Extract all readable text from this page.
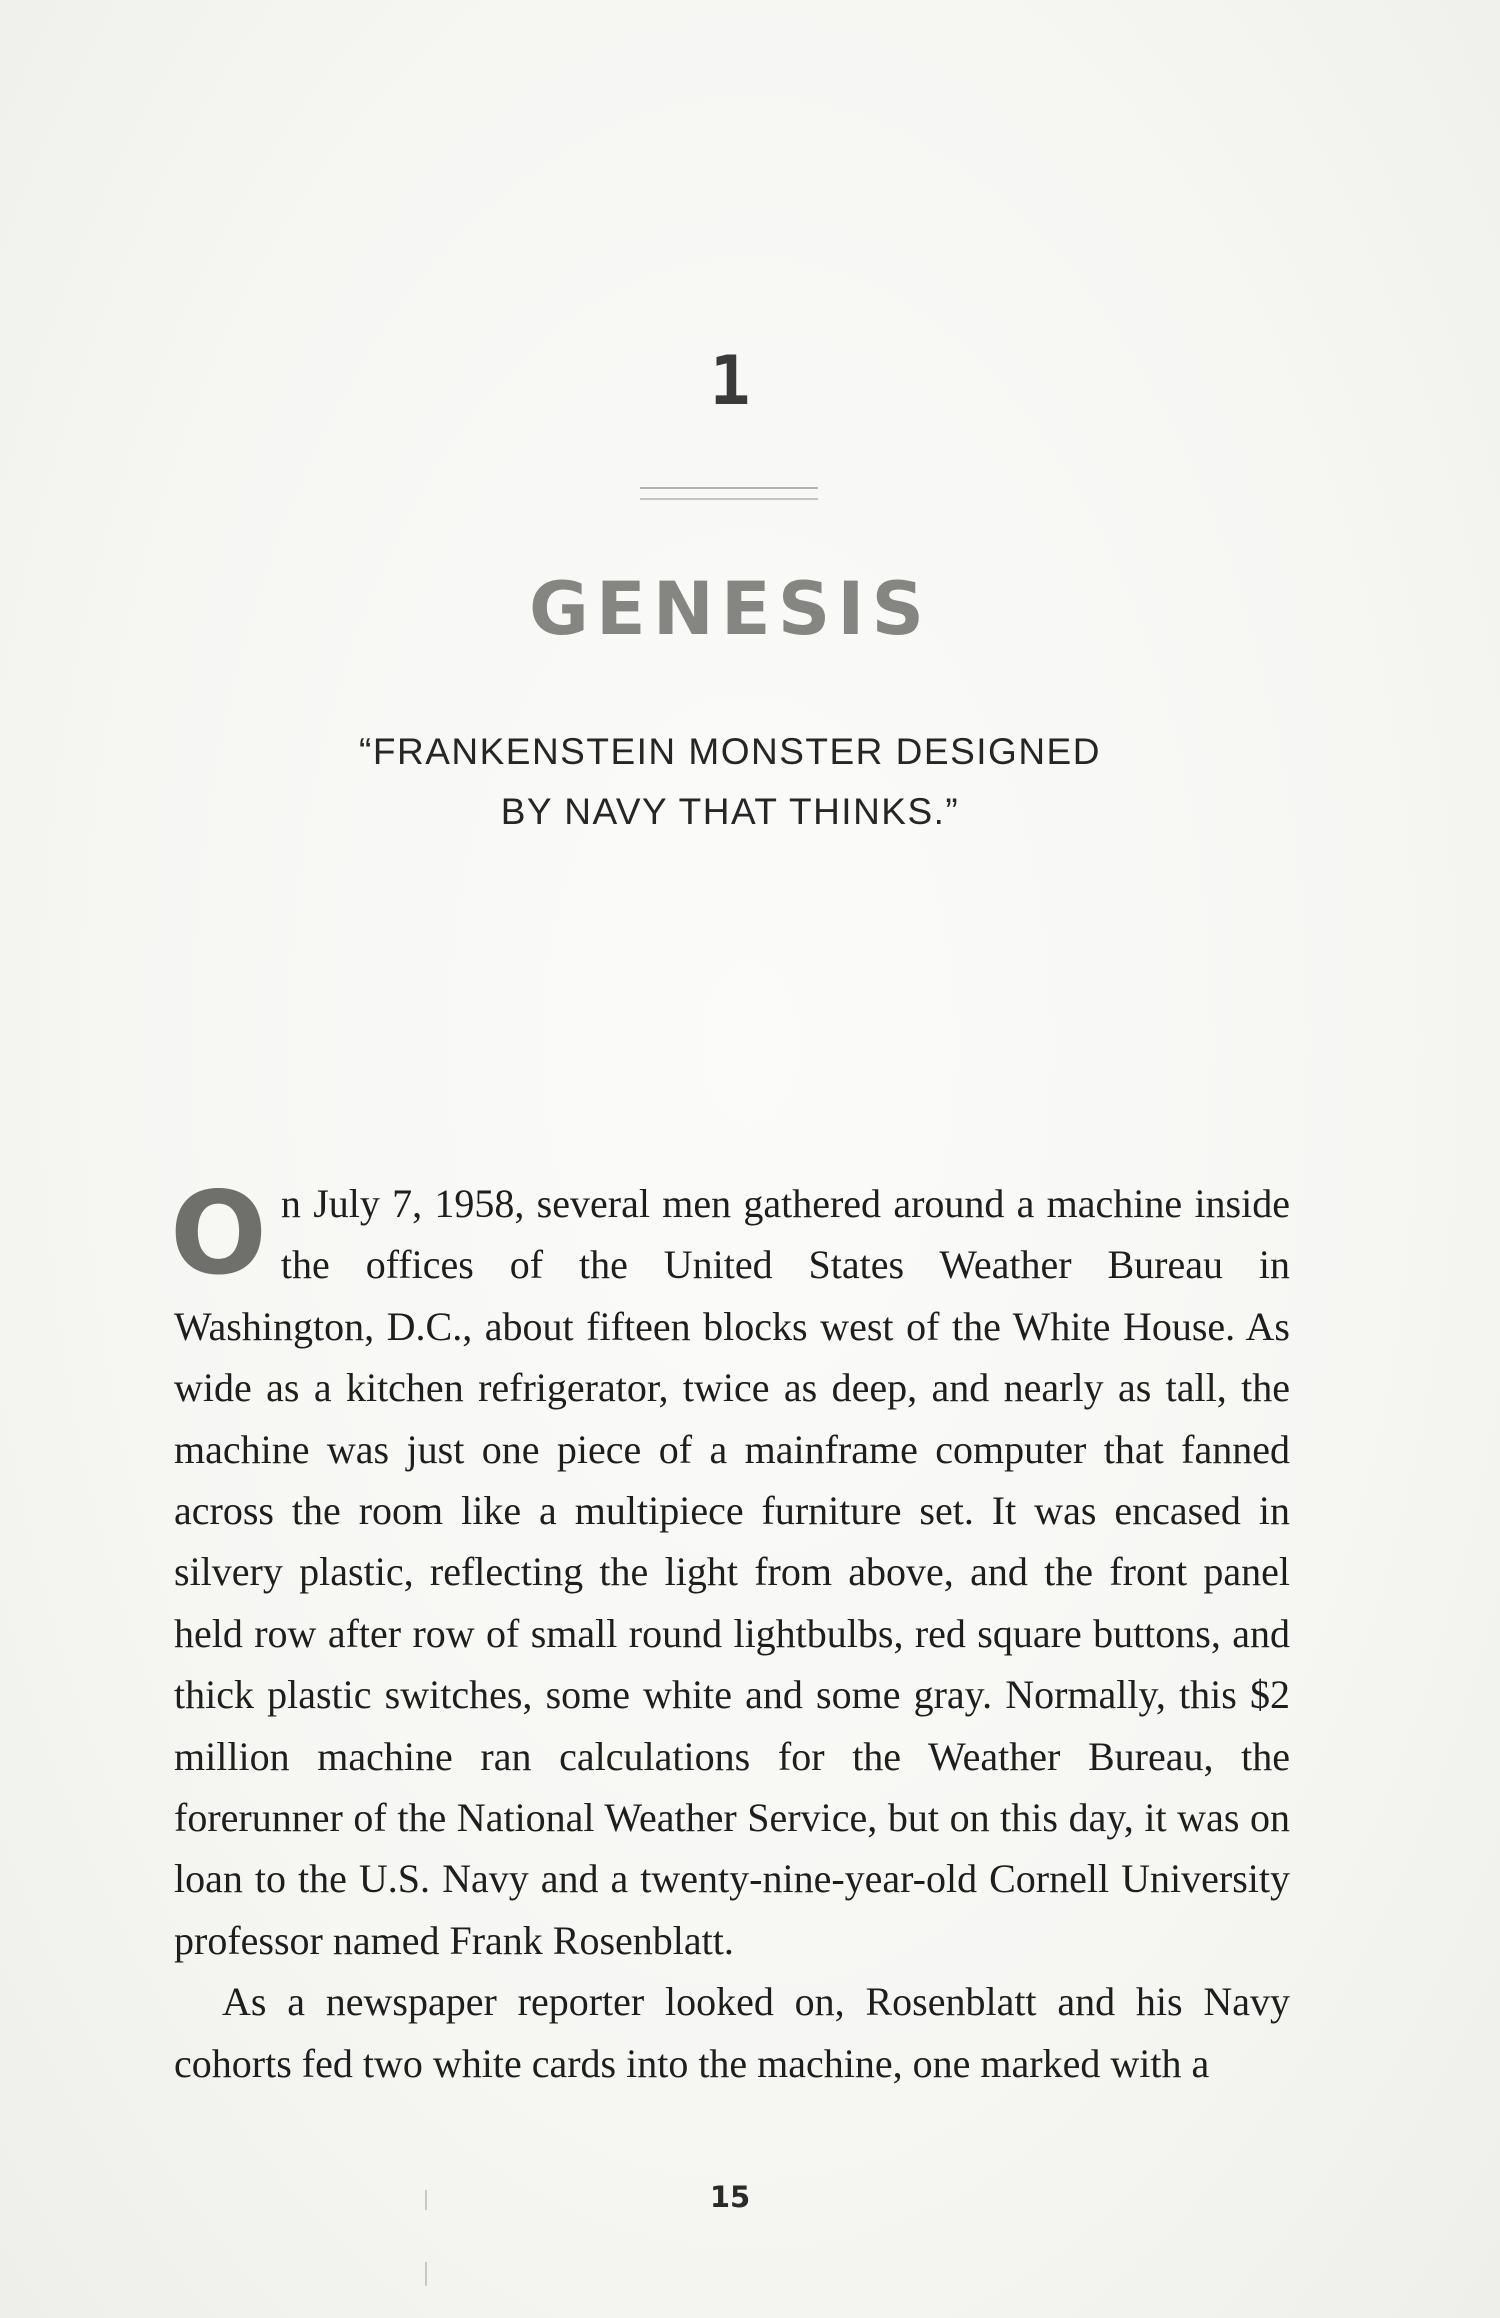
1
GENESIS
“FRANKENSTEIN MONSTER DESIGNED
BY NAVY THAT THINKS.”

On July 7, 1958, several men gathered around a machine inside the offices of the United States Weather Bureau in Washington, D.C., about fifteen blocks west of the White House. As wide as a kitchen refrigerator, twice as deep, and nearly as tall, the machine was just one piece of a mainframe computer that fanned across the room like a multipiece furniture set. It was encased in silvery plastic, reflecting the light from above, and the front panel held row after row of small round lightbulbs, red square buttons, and thick plastic switches, some white and some gray. Normally, this $2 million machine ran calculations for the Weather Bureau, the forerunner of the National Weather Service, but on this day, it was on loan to the U.S. Navy and a twenty-nine-year-old Cornell University professor named Frank Rosenblatt.

As a newspaper reporter looked on, Rosenblatt and his Navy cohorts fed two white cards into the machine, one marked with a

15
